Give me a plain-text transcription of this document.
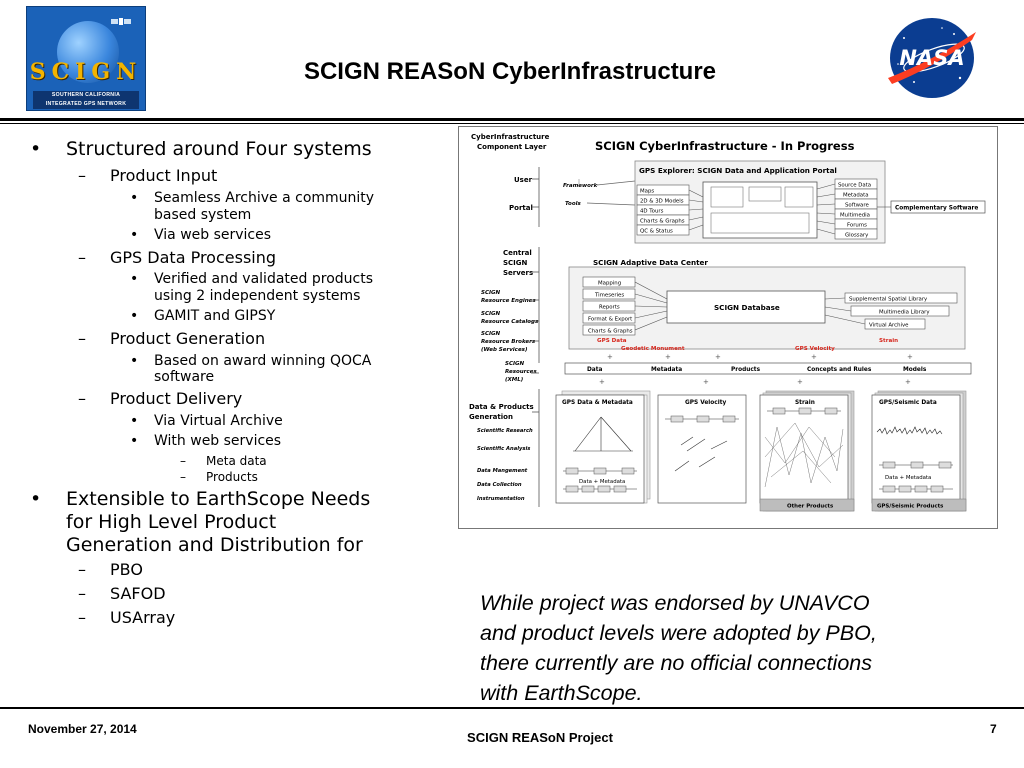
SCIGN
SOUTHERN CALIFORNIA
INTEGRATED GPS NETWORK
SCIGN REASoN CyberInfrastructure	NASA
• Structured around Four systems
– Product Input
• Seamless Archive a community
based system
• Via web services
– GPS Data Processing
• Verified and validated products
using 2 independent systems
• GAMIT and GIPSY
– Product Generation
• Based on award winning QOCA
software
– Product Delivery
• Via Virtual Archive
• With web services
– Meta data
– Products
• Extensible to EarthScope Needs
for High Level Product
Generation and Distribution for
– PBO
– SAFOD
– USArray
SCIGN CyberInfrastructure - In Progress
CyberInfrastructure
Component Layer
User
Portal
Central
SCIGN
Servers
SCIGN
Resource Engines
SCIGN
Resource Catalogs
SCIGN
Resource Brokers
(Web Services)
SCIGN
Resources
(XML)
Data & Products
Generation
Scientific Research
Scientific Analysis
Data Mangement
Data Collection
Instrumentation
Framework
Tools
GPS Explorer: SCIGN Data and Application Portal
Maps
2D & 3D Models
4D Tours
Charts & Graphs
QC & Status
Source Data
Metadata
Software
Multimedia
Forums
Glossary
Complementary Software
SCIGN Adaptive Data Center
Mapping
Timeseries
Reports
Format & Export
Charts & Graphs
SCIGN Database
Supplemental Spatial Library
Multimedia Library
Virtual Archive
GPS Data
Geodetic Monument	GPS Velocity
Strain
+	+	+	+	+
+	+	+	+
Data	Metadata	Products	Concepts and Rules	Models
GPS Data & Metadata
Data + Metadata
GPS Velocity	Strain
Other Products
GPS/Seismic Data
Data + Metadata
GPS/Seismic Products
While project was endorsed by UNAVCO
and product levels were adopted by PBO,
there currently are no official connections
with EarthScope.
November 27, 2014
SCIGN REASoN Project
7
